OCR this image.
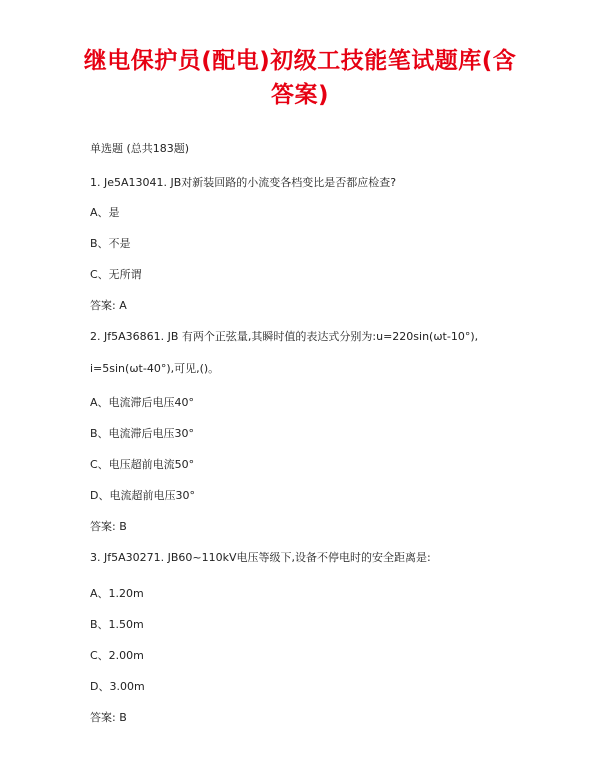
继电保护员(配电)初级工技能笔试题库(含
答案)
单选题 (总共183题)
1. Je5A13041. JB对新装回路的小流变各档变比是否都应检查?
A、是
B、不是
C、无所谓
答案: A
2. Jf5A36861. JB 有两个正弦量,其瞬时值的表达式分别为:u=220sin(ωt-10°),
i=5sin(ωt-40°),可见,()。
A、电流滞后电压40°
B、电流滞后电压30°
C、电压超前电流50°
D、电流超前电压30°
答案: B
3. Jf5A30271. JB60~110kV电压等级下,设备不停电时的安全距离是:
A、1.20m
B、1.50m
C、2.00m
D、3.00m
答案: B
